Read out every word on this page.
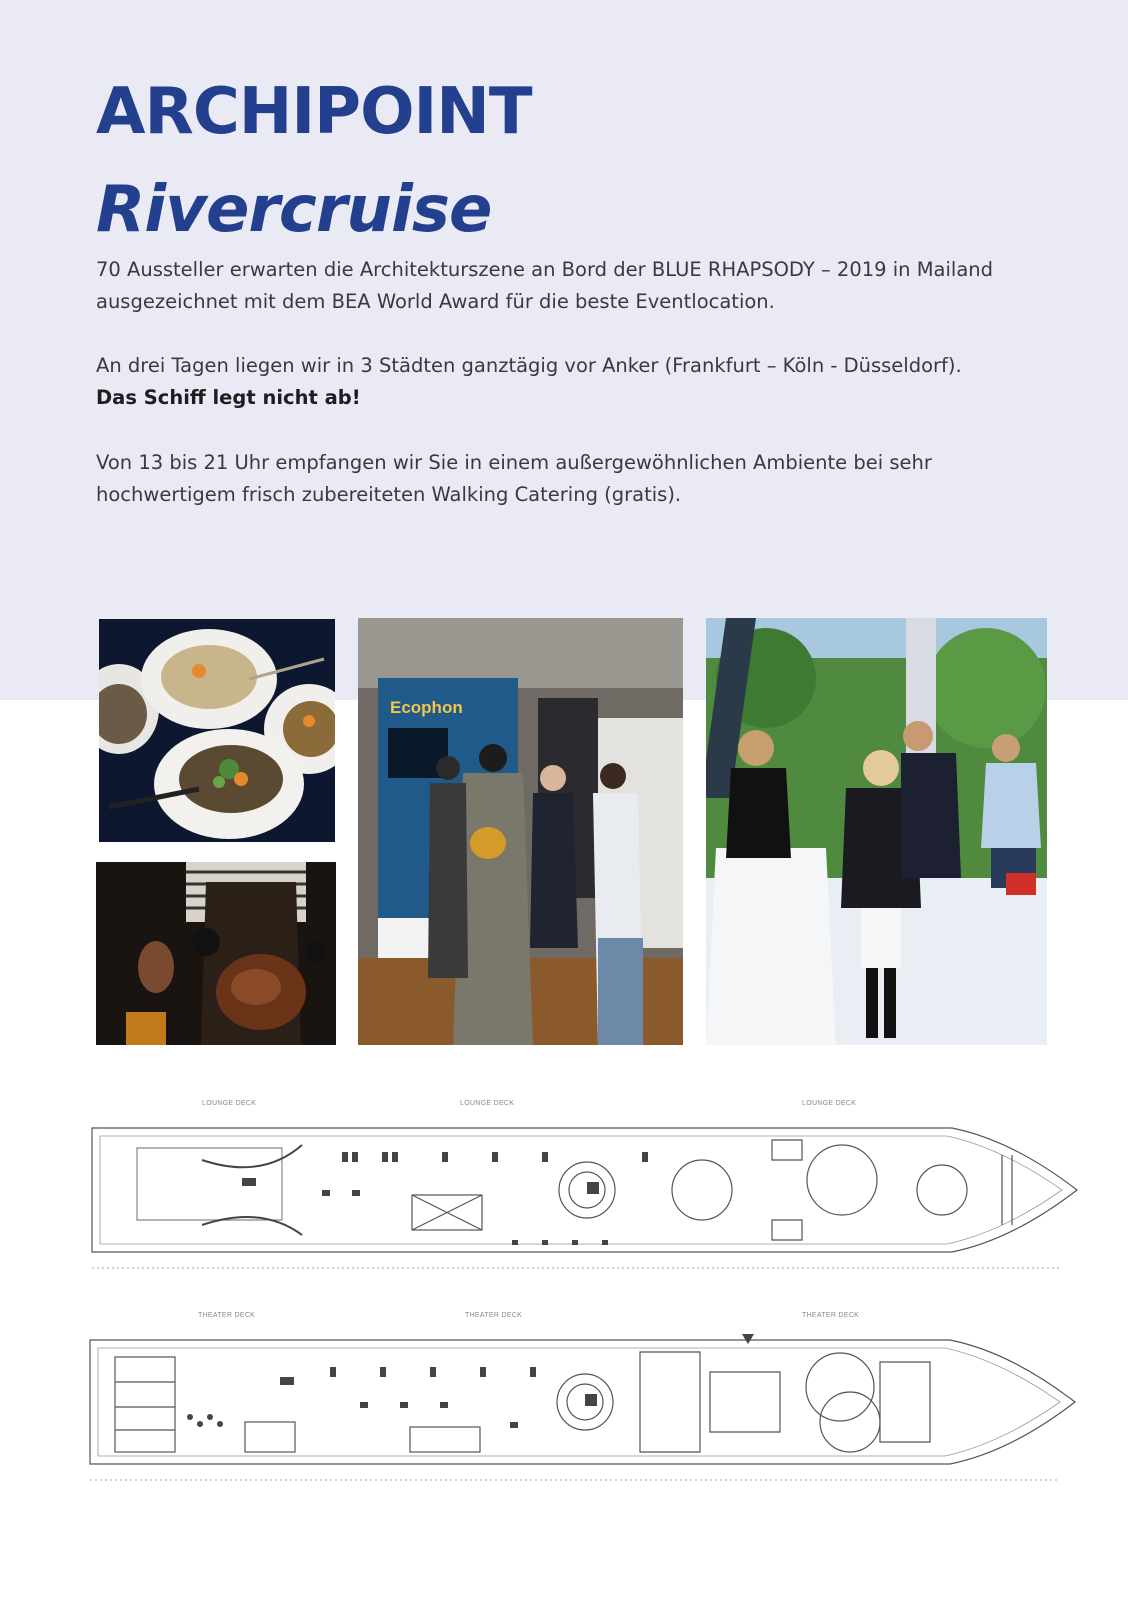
ARCHIPOINT
Rivercruise

70 Aussteller erwarten die Architekturszene an Bord der BLUE RHAPSODY – 2019 in Mailand
ausgezeichnet mit dem BEA World Award für die beste Eventlocation.

An drei Tagen liegen wir in 3 Städten ganztägig vor Anker (Frankfurt – Köln - Düsseldorf).
Das Schiff legt nicht ab!

Von 13 bis 21 Uhr empfangen wir Sie in einem außergewöhnlichen Ambiente bei sehr
hochwertigem frisch zubereiteten Walking Catering (gratis).

Ecophon
LOUNGE DECK	LOUNGE DECK	LOUNGE DECK
THEATER DECK	THEATER DECK	THEATER DECK
